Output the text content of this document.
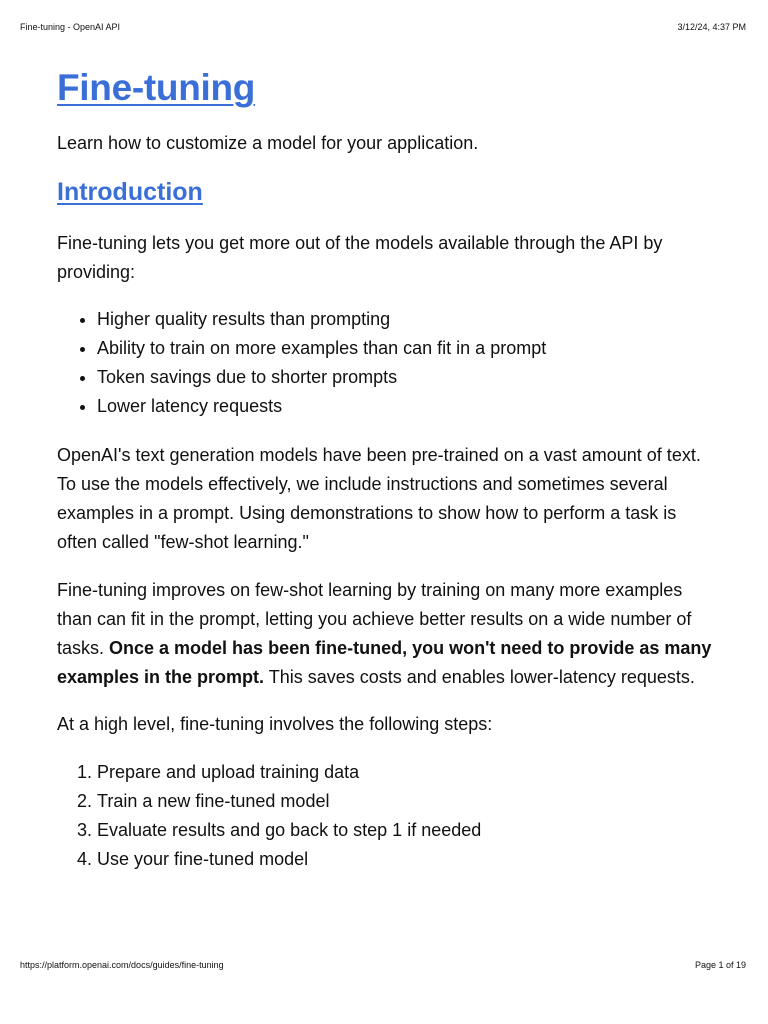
Fine-tuning - OpenAI API	3/12/24, 4:37 PM
Fine-tuning

Learn how to customize a model for your application.

Introduction

Fine-tuning lets you get more out of the models available through the API by providing:

• Higher quality results than prompting
• Ability to train on more examples than can fit in a prompt
• Token savings due to shorter prompts
• Lower latency requests

OpenAI's text generation models have been pre-trained on a vast amount of text. To use the models effectively, we include instructions and sometimes several examples in a prompt. Using demonstrations to show how to perform a task is often called "few-shot learning."

Fine-tuning improves on few-shot learning by training on many more examples than can fit in the prompt, letting you achieve better results on a wide number of tasks. Once a model has been fine-tuned, you won't need to provide as many examples in the prompt. This saves costs and enables lower-latency requests.

At a high level, fine-tuning involves the following steps:

1. Prepare and upload training data
2. Train a new fine-tuned model
3. Evaluate results and go back to step 1 if needed
4. Use your fine-tuned model
https://platform.openai.com/docs/guides/fine-tuning	Page 1 of 19
